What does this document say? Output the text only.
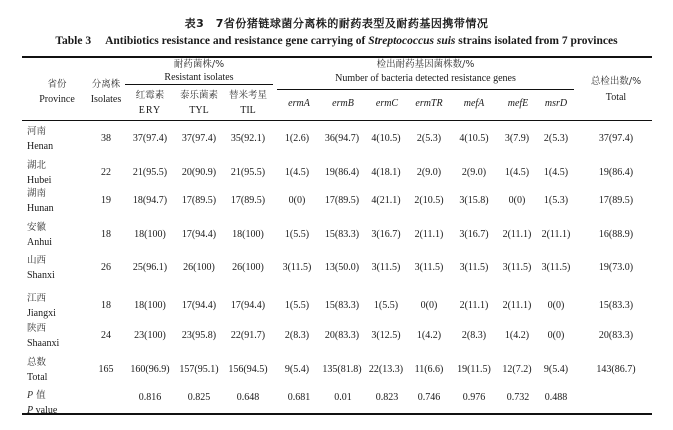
表3　7省份猪链球菌分离株的耐药表型及耐药基因携带情况
Table 3 Antibiotics resistance and resistance gene carrying of Streptococcus suis strains isolated from 7 provinces
省份
Province
分离株
Isolates
耐药菌株/%
Resistant isolates
红霉素
ERY
泰乐菌素
TYL
替米考星
TIL
检出耐药基因菌株数/%
Number of bacteria detected resistance genes
ermA	ermB	ermC	ermTR	mefA	mefE	msrD
总检出数/%
Total
河南
Henan
38	37(97.4)	37(97.4)	35(92.1)	1(2.6)	36(94.7)	4(10.5)	2(5.3)	4(10.5)	3(7.9)	2(5.3)	37(97.4)
湖北
Hubei
22	21(95.5)	20(90.9)	21(95.5)	1(4.5)	19(86.4)	4(18.1)	2(9.0)	2(9.0)	1(4.5)	1(4.5)	19(86.4)
湖南
Hunan
19	18(94.7)	17(89.5)	17(89.5)	0(0)	17(89.5)	4(21.1)	2(10.5)	3(15.8)	0(0)	1(5.3)	17(89.5)
安徽
Anhui
18	18(100)	17(94.4)	18(100)	1(5.5)	15(83.3)	3(16.7)	2(11.1)	3(16.7)	2(11.1)	2(11.1)	16(88.9)
山西
Shanxi
26	25(96.1)	26(100)	26(100)	3(11.5)	13(50.0)	3(11.5)	3(11.5)	3(11.5)	3(11.5)	3(11.5)	19(73.0)
江西
Jiangxi
18	18(100)	17(94.4)	17(94.4)	1(5.5)	15(83.3)	1(5.5)	0(0)	2(11.1)	2(11.1)	0(0)	15(83.3)
陕西
Shaanxi
24	23(100)	23(95.8)	22(91.7)	2(8.3)	20(83.3)	3(12.5)	1(4.2)	2(8.3)	1(4.2)	0(0)	20(83.3)
总数
Total
165	160(96.9) 157(95.1) 156(94.5)	9(5.4)	135(81.8) 22(13.3)	11(6.6)	19(11.5)	12(7.2)	9(5.4)	143(86.7)
P 值
P value
0.816	0.825	0.648	0.681	0.01	0.823	0.746	0.976	0.732	0.488
